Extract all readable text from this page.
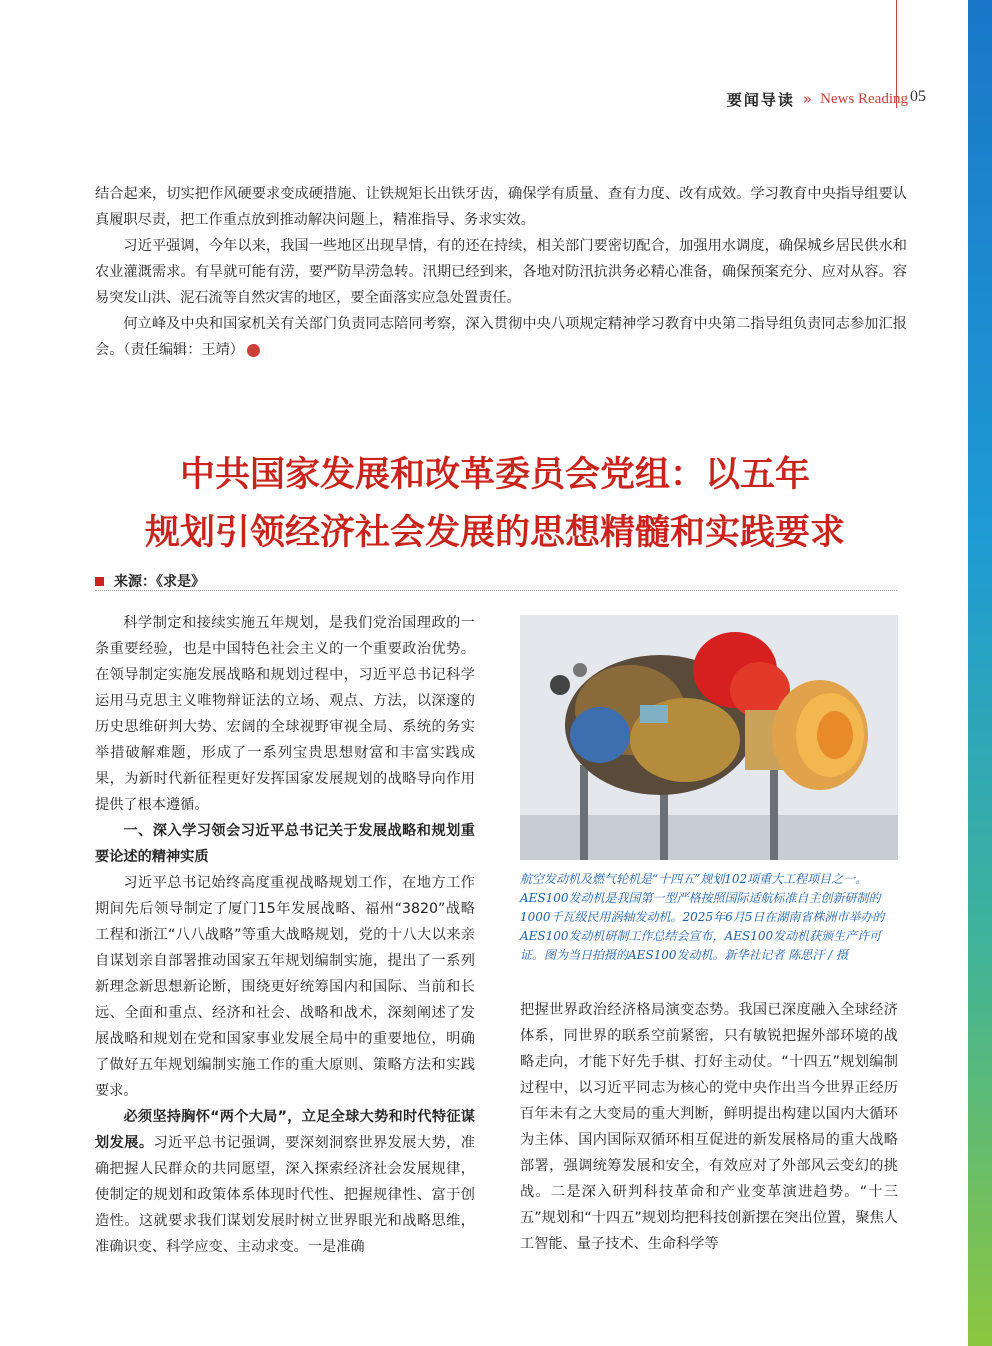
要闻导读 » News Reading 05

结合起来，切实把作风硬要求变成硬措施、让铁规矩长出铁牙齿，确保学有质量、查有力度、改有成效。学习教育中央指导组要认真履职尽责，把工作重点放到推动解决问题上，精准指导、务求实效。

习近平强调，今年以来，我国一些地区出现旱情，有的还在持续，相关部门要密切配合，加强用水调度，确保城乡居民供水和农业灌溉需求。有旱就可能有涝，要严防旱涝急转。汛期已经到来，各地对防汛抗洪务必精心准备，确保预案充分、应对从容。容易突发山洪、泥石流等自然灾害的地区，要全面落实应急处置责任。

何立峰及中央和国家机关有关部门负责同志陪同考察，深入贯彻中央八项规定精神学习教育中央第二指导组负责同志参加汇报会。（责任编辑：王靖）	院

中共国家发展和改革委员会党组：以五年
规划引领经济社会发展的思想精髓和实践要求
来源：《求是》

科学制定和接续实施五年规划，是我们党治国理政的一条重要经验，也是中国特色社会主义的一个重要政治优势。在领导制定实施发展战略和规划过程中，习近平总书记科学运用马克思主义唯物辩证法的立场、观点、方法，以深邃的历史思维研判大势、宏阔的全球视野审视全局、系统的务实举措破解难题，形成了一系列宝贵思想财富和丰富实践成果，为新时代新征程更好发挥国家发展规划的战略导向作用提供了根本遵循。

一、深入学习领会习近平总书记关于发展战略和规划重要论述的精神实质

习近平总书记始终高度重视战略规划工作，在地方工作期间先后领导制定了厦门15年发展战略、福州“3820”战略工程和浙江“八八战略”等重大战略规划，党的十八大以来亲自谋划亲自部署推动国家五年规划编制实施，提出了一系列新理念新思想新论断，围绕更好统筹国内和国际、当前和长远、全面和重点、经济和社会、战略和战术，深刻阐述了发展战略和规划在党和国家事业发展全局中的重要地位，明确了做好五年规划编制实施工作的重大原则、策略方法和实践要求。

必须坚持胸怀“两个大局”，立足全球大势和时代特征谋划发展。习近平总书记强调，要深刻洞察世界发展大势，准确把握人民群众的共同愿望，深入探索经济社会发展规律，使制定的规划和政策体系体现时代性、把握规律性、富于创造性。这就要求我们谋划发展时树立世界眼光和战略思维，准确识变、科学应变、主动求变。一是准确

航空发动机及燃气轮机是“十四五”规划102项重大工程项目之一。AES100发动机是我国第一型严格按照国际适航标准自主创新研制的1000千瓦级民用涡轴发动机。2025年6月5日在湖南省株洲市举办的AES100发动机研制工作总结会宣布，AES100发动机获颁生产许可证。图为当日拍摄的AES100发动机。新华社记者 陈思汗 / 摄

把握世界政治经济格局演变态势。我国已深度融入全球经济体系，同世界的联系空前紧密，只有敏锐把握外部环境的战略走向，才能下好先手棋、打好主动仗。“十四五”规划编制过程中，以习近平同志为核心的党中央作出当今世界正经历百年未有之大变局的重大判断，鲜明提出构建以国内大循环为主体、国内国际双循环相互促进的新发展格局的重大战略部署，强调统筹发展和安全，有效应对了外部风云变幻的挑战。二是深入研判科技革命和产业变革演进趋势。“十三五”规划和“十四五”规划均把科技创新摆在突出位置，聚焦人工智能、量子技术、生命科学等
